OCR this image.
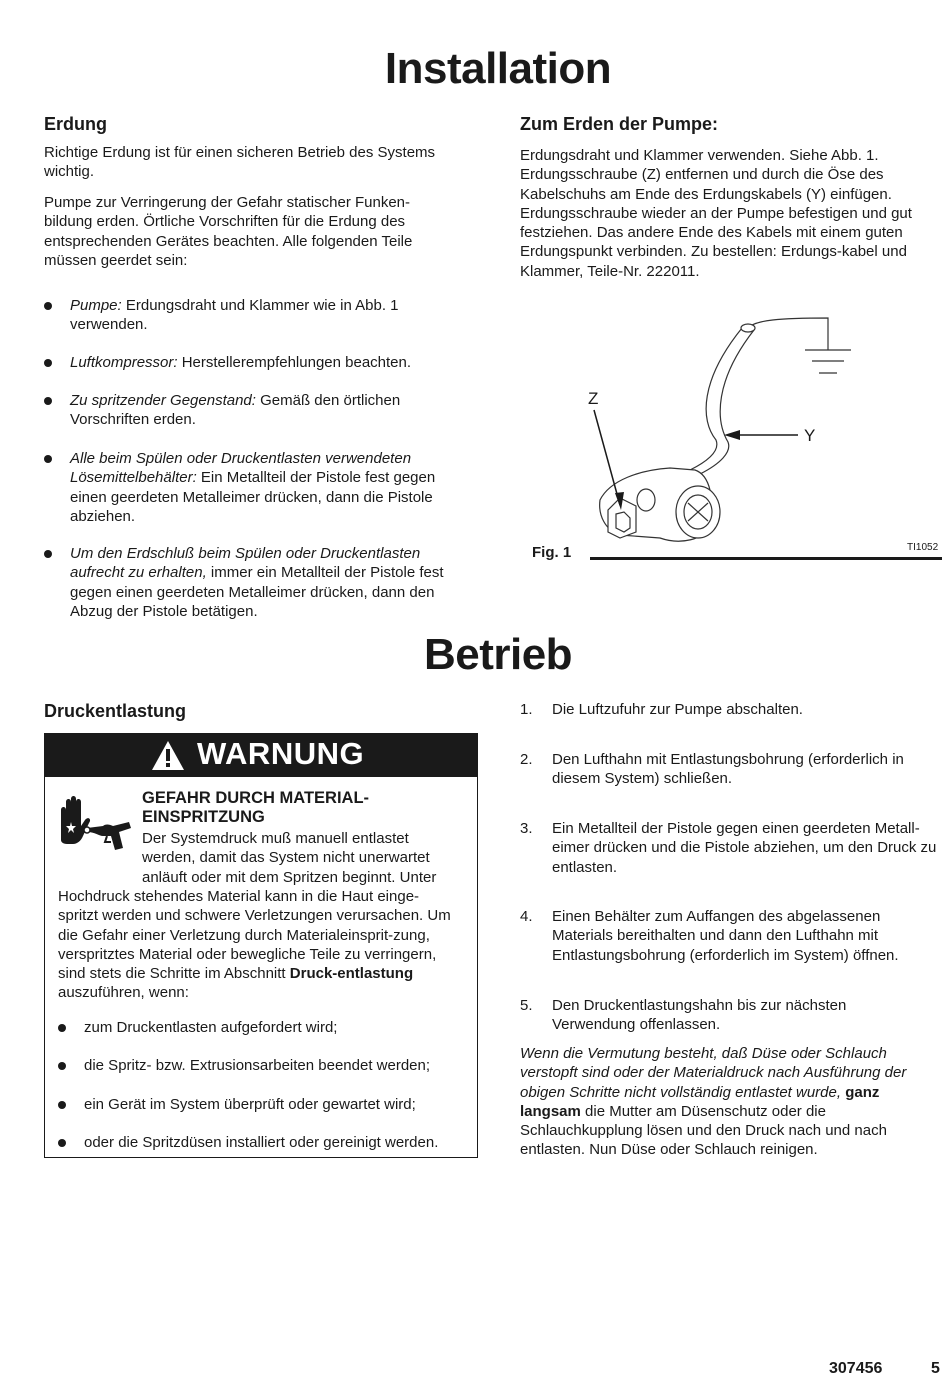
Installation
Erdung
Richtige Erdung ist für einen sicheren Betrieb des Systems wichtig.
Pumpe zur Verringerung der Gefahr statischer Funken-bildung erden. Örtliche Vorschriften für die Erdung des entsprechenden Gerätes beachten. Alle folgenden Teile müssen geerdet sein:
Pumpe: Erdungsdraht und Klammer wie in Abb. 1 verwenden.
Luftkompressor: Herstellerempfehlungen beachten.
Zu spritzender Gegenstand: Gemäß den örtlichen Vorschriften erden.
Alle beim Spülen oder Druckentlasten verwendeten Lösemittelbehälter: Ein Metallteil der Pistole fest gegen einen geerdeten Metalleimer drücken, dann die Pistole abziehen.
Um den Erdschluß beim Spülen oder Druckentlasten aufrecht zu erhalten, immer ein Metallteil der Pistole fest gegen einen geerdeten Metalleimer drücken, dann den Abzug der Pistole betätigen.
Zum Erden der Pumpe:
Erdungsdraht und Klammer verwenden. Siehe Abb. 1. Erdungsschraube (Z) entfernen und durch die Öse des Kabelschuhs am Ende des Erdungskabels (Y) einfügen. Erdungsschraube wieder an der Pumpe befestigen und gut festziehen. Das andere Ende des Kabels mit einem guten Erdungspunkt verbinden. Zu bestellen: Erdungs-kabel und Klammer, Teile-Nr. 222011.
Z
Y
Fig. 1	TI1052
Betrieb
Druckentlastung
WARNUNG
GEFAHR DURCH MATERIAL-
EINSPRITZUNG
Der Systemdruck muß manuell entlastet werden, damit das System nicht unerwartet anläuft oder mit dem Spritzen beginnt. Unter
Hochdruck stehendes Material kann in die Haut einge-spritzt werden und schwere Verletzungen verursachen. Um die Gefahr einer Verletzung durch Materialeinsprit-zung, verspritztes Material oder bewegliche Teile zu verringern, sind stets die Schritte im Abschnitt Druck-entlastung auszuführen, wenn:
zum Druckentlasten aufgefordert wird;
die Spritz- bzw. Extrusionsarbeiten beendet werden;
ein Gerät im System überprüft oder gewartet wird;
oder die Spritzdüsen installiert oder gereinigt werden.
1. Die Luftzufuhr zur Pumpe abschalten.
2. Den Lufthahn mit Entlastungsbohrung (erforderlich in diesem System) schließen.
3. Ein Metallteil der Pistole gegen einen geerdeten Metall-eimer drücken und die Pistole abziehen, um den Druck zu entlasten.
4. Einen Behälter zum Auffangen des abgelassenen Materials bereithalten und dann den Lufthahn mit Entlastungsbohrung (erforderlich im System) öffnen.
5. Den Druckentlastungshahn bis zur nächsten Verwendung offenlassen.
Wenn die Vermutung besteht, daß Düse oder Schlauch verstopft sind oder der Materialdruck nach Ausführung der obigen Schritte nicht vollständig entlastet wurde, ganz langsam die Mutter am Düsenschutz oder die Schlauchkupplung lösen und den Druck nach und nach entlasten. Nun Düse oder Schlauch reinigen.
307456	5
